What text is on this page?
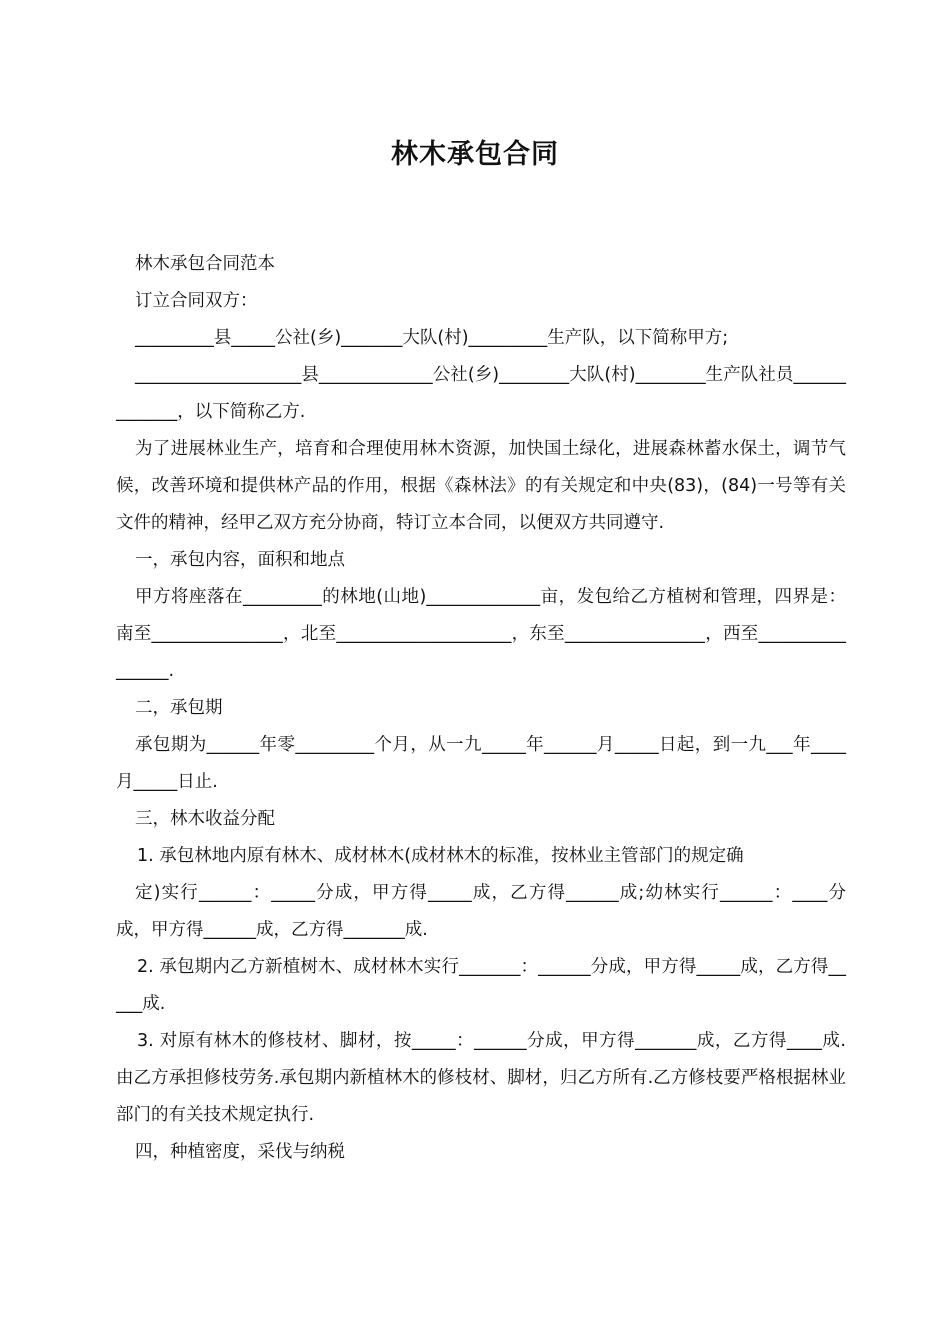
林木承包合同

林木承包合同范本

订立合同双方：

_________县_____公社(乡)_______大队(村)_________生产队，以下简称甲方;

___________________县_____________公社(乡)________大队(村)________生产队社员_____________，以下简称乙方.

为了进展林业生产，培育和合理使用林木资源，加快国土绿化，进展森林蓄水保土，调节气候，改善环境和提供林产品的作用，根据《森林法》的有关规定和中央(83)，(84)一号等有关文件的精神，经甲乙双方充分协商，特订立本合同，以便双方共同遵守.

一，承包内容，面积和地点

甲方将座落在_________的林地(山地)_____________亩，发包给乙方植树和管理，四界是：南至_______________，北至____________________，东至________________，西至________________.

二，承包期

承包期为______年零_________个月，从一九_____年______月_____日起，到一九___年____月_____日止.

三，林木收益分配

1. 承包林地内原有林木、成材林木(成材林木的标准，按林业主管部门的规定确

定)实行______：_____分成，甲方得_____成，乙方得______成;幼林实行______：____分成，甲方得______成，乙方得_______成.

2. 承包期内乙方新植树木、成材林木实行_______：______分成，甲方得_____成，乙方得_____成.

3. 对原有林木的修枝材、脚材，按_____：______分成，甲方得_______成，乙方得____成.由乙方承担修枝劳务.承包期内新植林木的修枝材、脚材，归乙方所有.乙方修枝要严格根据林业部门的有关技术规定执行.

四，种植密度，采伐与纳税
